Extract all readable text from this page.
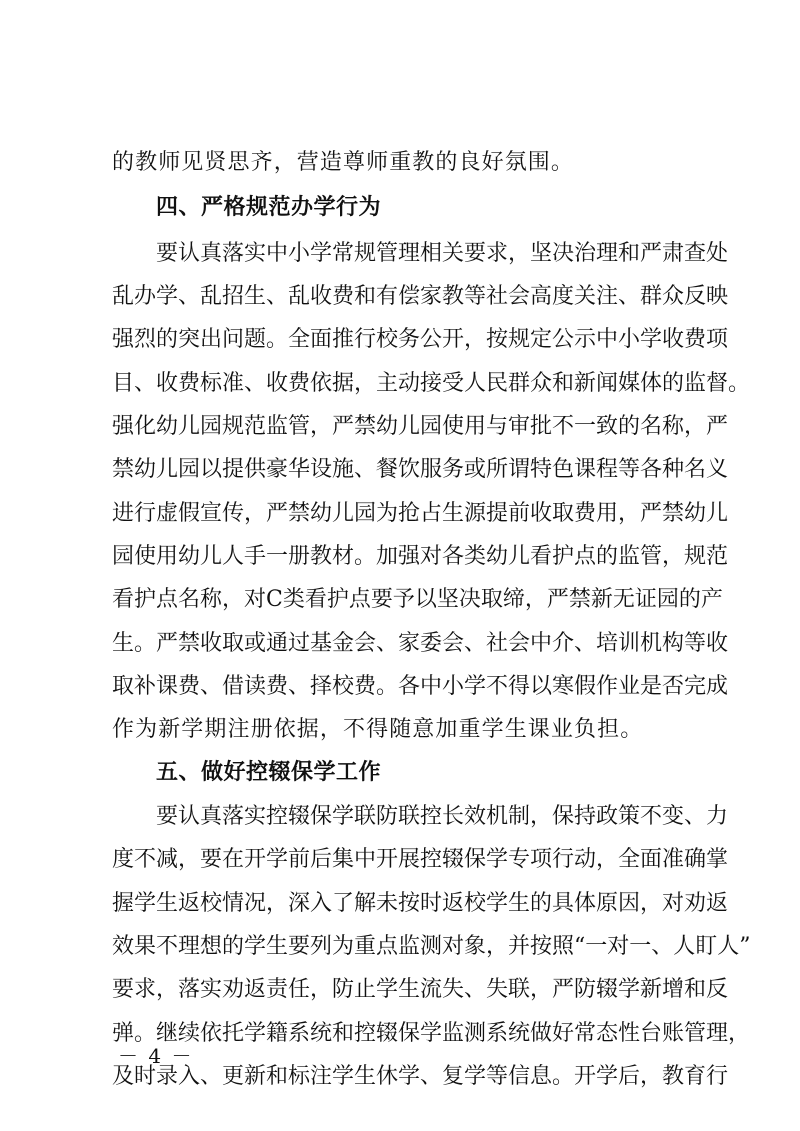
的教师见贤思齐，营造尊师重教的良好氛围。
四、严格规范办学行为
要认真落实中小学常规管理相关要求，坚决治理和严肃查处
乱办学、乱招生、乱收费和有偿家教等社会高度关注、群众反映
强烈的突出问题。全面推行校务公开，按规定公示中小学收费项
目、收费标准、收费依据，主动接受人民群众和新闻媒体的监督。
强化幼儿园规范监管，严禁幼儿园使用与审批不一致的名称，严
禁幼儿园以提供豪华设施、餐饮服务或所谓特色课程等各种名义
进行虚假宣传，严禁幼儿园为抢占生源提前收取费用，严禁幼儿
园使用幼儿人手一册教材。加强对各类幼儿看护点的监管，规范
看护点名称，对C类看护点要予以坚决取缔，严禁新无证园的产
生。严禁收取或通过基金会、家委会、社会中介、培训机构等收
取补课费、借读费、择校费。各中小学不得以寒假作业是否完成
作为新学期注册依据，不得随意加重学生课业负担。
五、做好控辍保学工作
要认真落实控辍保学联防联控长效机制，保持政策不变、力
度不减，要在开学前后集中开展控辍保学专项行动，全面准确掌
握学生返校情况，深入了解未按时返校学生的具体原因，对劝返
效果不理想的学生要列为重点监测对象，并按照“一对一、人盯人”
要求，落实劝返责任，防止学生流失、失联，严防辍学新增和反
弹。继续依托学籍系统和控辍保学监测系统做好常态性台账管理，
及时录入、更新和标注学生休学、复学等信息。开学后，教育行
－ 4 －
